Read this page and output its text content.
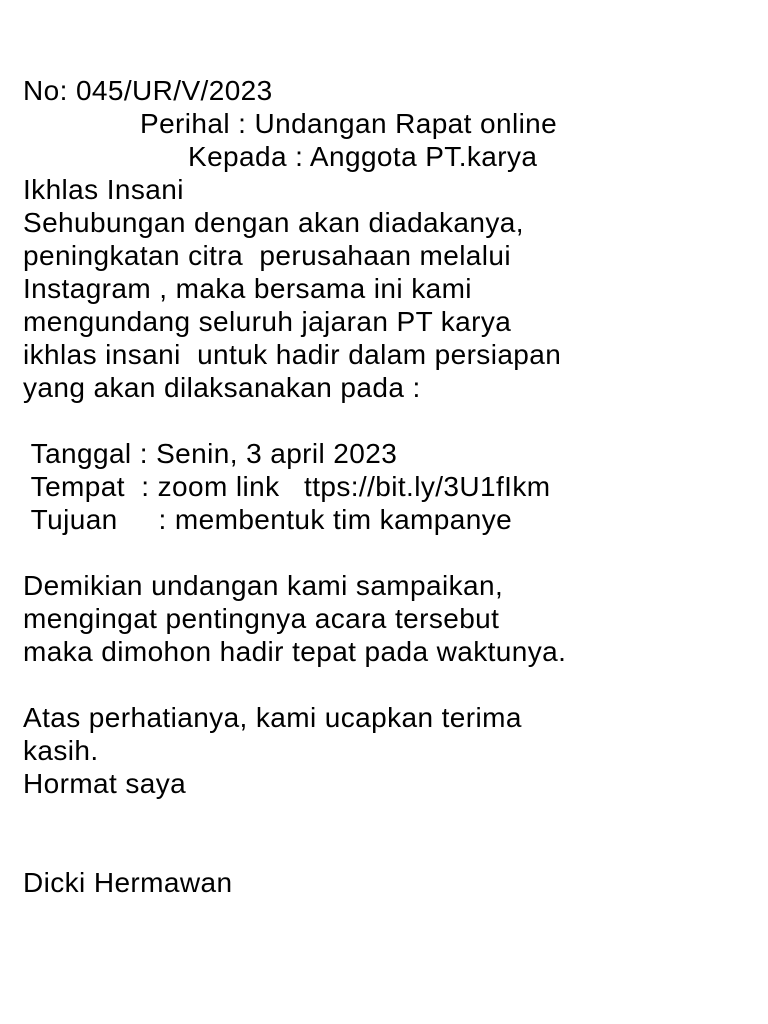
No: 045/UR/V/2023
Perihal : Undangan Rapat online
Kepada : Anggota PT.karya
Ikhlas Insani
Sehubungan dengan akan diadakanya,
peningkatan citra  perusahaan melalui
Instagram , maka bersama ini kami
mengundang seluruh jajaran PT karya
ikhlas insani  untuk hadir dalam persiapan
yang akan dilaksanakan pada :
Tanggal : Senin, 3 april 2023
Tempat  : zoom link   ttps://bit.ly/3U1fIkm
Tujuan     : membentuk tim kampanye
Demikian undangan kami sampaikan,
mengingat pentingnya acara tersebut
maka dimohon hadir tepat pada waktunya.
Atas perhatianya, kami ucapkan terima
kasih.
Hormat saya
Dicki Hermawan
